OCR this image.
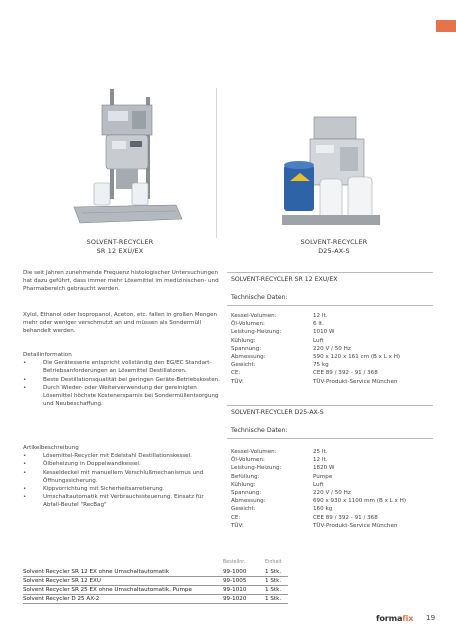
SOLVENT-RECYCLER
SR 12 EXU/EX
SOLVENT-RECYCLER
D25-AX-S

Die seit Jahren zunehmende Frequenz histologischer Untersuchungen hat dazu geführt, dass immer mehr Lösemittel im medizinischen- und Pharmabereich gebraucht werden.

Xylol, Ethanol oder Isopropanol, Aceton, etc. fallen in großen Mengen mehr oder weniger verschmutzt an und müssen als Sondermüll behandelt werden.

Detailinformation

•	Die Gerätesserie entspricht vollständig den EG/EC Standart-Betriebsanforderungen an Lösemittel Destillatoren.
•	Beste Destillationsqualität bei geringen Geräte-Betriebskosten.
•	Durch Wieder- oder Weiterverwendung der gereinigten Lösemittel höchste Kostenersparnis bei Sondermüllentsorgung und Neubeschaffung.

Artikelbeschreibung

•	Lösemittel-Recycler mit Edelstahl Destillationskessel.
•	Ölbeheizung in Doppelwandkessel.
•	Kesseldeckel mit manuellem Verschlußmechanismus und Öffnungssicherung.
•	Kippvorrichtung mit Sicherheitsarretierung.
•	Umschaltautomatik mit Verbrauchssteuerung. Einsatz für Abfall-Beutel "RecBag"
SOLVENT-RECYCLER SR 12 EXU/EX
Technische Daten:
Kessel-Volumen:	12 lt.
Öl-Volumen:	6 lt.
Leistung-Heizung:	1010 W
Kühlung:	Luft
Spannung:	220 V / 50 Hz
Abmessung:	590 x 120 x 161 cm (B x L x H)
Gewicht:	75 kg
CE:	CEE 89 / 392 - 91 / 368
TÜV:	TÜV-Produkt-Service München
SOLVENT-RECYCLER D25-AX-S
Technische Daten:
Kessel-Volumen:	25 lt.
Öl-Volumen:	12 lt.
Leistung-Heizung:	1820 W
Befüllung:	Pumpe
Kühlung:	Luft
Spannung:	220 V / 50 Hz
Abmessung:	690 x 930 x 1100 mm (B x L x H)
Gewicht:	160 kg
CE:	CEE 89 / 392 - 91 / 368
TÜV:	TÜV-Produkt-Service München
Bestellnr.	Einheit
Solvent Recycler SR 12 EX ohne Umschaltautomatik	99-1000	1 Stk.
Solvent Recycler SR 12 EXU	99-1005	1 Stk.
Solvent Recycler SR 25 EX ohne Umschaltautomatik, Pumpe	99-1010	1 Stk.
Solvent Recycler D 25 AX-2	99-1020	1 Stk.
formafix 19
